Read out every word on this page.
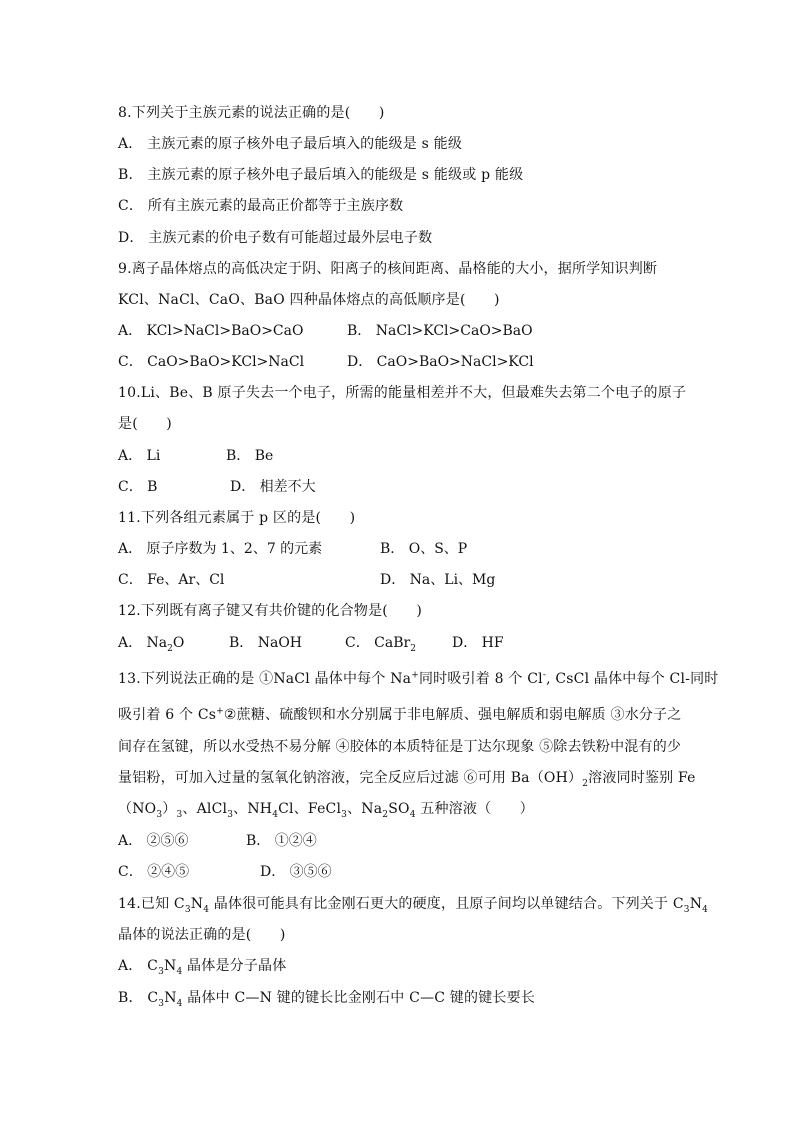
8.下列关于主族元素的说法正确的是(　　)
A． 主族元素的原子核外电子最后填入的能级是 s 能级
B． 主族元素的原子核外电子最后填入的能级是 s 能级或 p 能级
C． 所有主族元素的最高正价都等于主族序数
D． 主族元素的价电子数有可能超过最外层电子数
9.离子晶体熔点的高低决定于阴、阳离子的核间距离、晶格能的大小，据所学知识判断
KCl、NaCl、CaO、BaO 四种晶体熔点的高低顺序是(　　)
A． KCl>NaCl>BaO>CaO	B． NaCl>KCl>CaO>BaO
C． CaO>BaO>KCl>NaCl	D． CaO>BaO>NaCl>KCl
10.Li、Be、B 原子失去一个电子，所需的能量相差并不大，但最难失去第二个电子的原子
是(　　)
A． Li	B． Be
C． B	D． 相差不大
11.下列各组元素属于 p 区的是(　　)
A． 原子序数为 1、2、7 的元素	B． O、S、P
C． Fe、Ar、Cl	D． Na、Li、Mg
12.下列既有离子键又有共价键的化合物是(　　)
A． $Na_2O$	B． NaOH	C． CaBr$_2$	D． HF
13.下列说法正确的是 ①NaCl 晶体中每个 Na+同时吸引着 8 个 Cl-, CsCl 晶体中每个 Cl-同时
吸引着 6 个 Cs+②蔗糖、硫酸钡和水分别属于非电解质、强电解质和弱电解质 ③水分子之
间存在氢键，所以水受热不易分解 ④胶体的本质特征是丁达尔现象 ⑤除去铁粉中混有的少
量铝粉，可加入过量的氢氧化钠溶液，完全反应后过滤 ⑥可用 $Ba(OH)_2$溶液同时鉴别 Fe
$(NO_3)_3$、AlCl$_3$、$NH_4Cl$、FeCl$_3$、$Na_2SO_4$ 五种溶液（　　）
A． ②⑤⑥	B． ①②④
C． ②④⑤	D． ③⑤⑥
14.已知 $C_3N_4$ 晶体很可能具有比金刚石更大的硬度，且原子间均以单键结合。下列关于 $C_3N_4$
晶体的说法正确的是(　　)
A． $C_3N_4$ 晶体是分子晶体
B． $C_3N_4$ 晶体中 C—N 键的键长比金刚石中 C—C 键的键长要长
